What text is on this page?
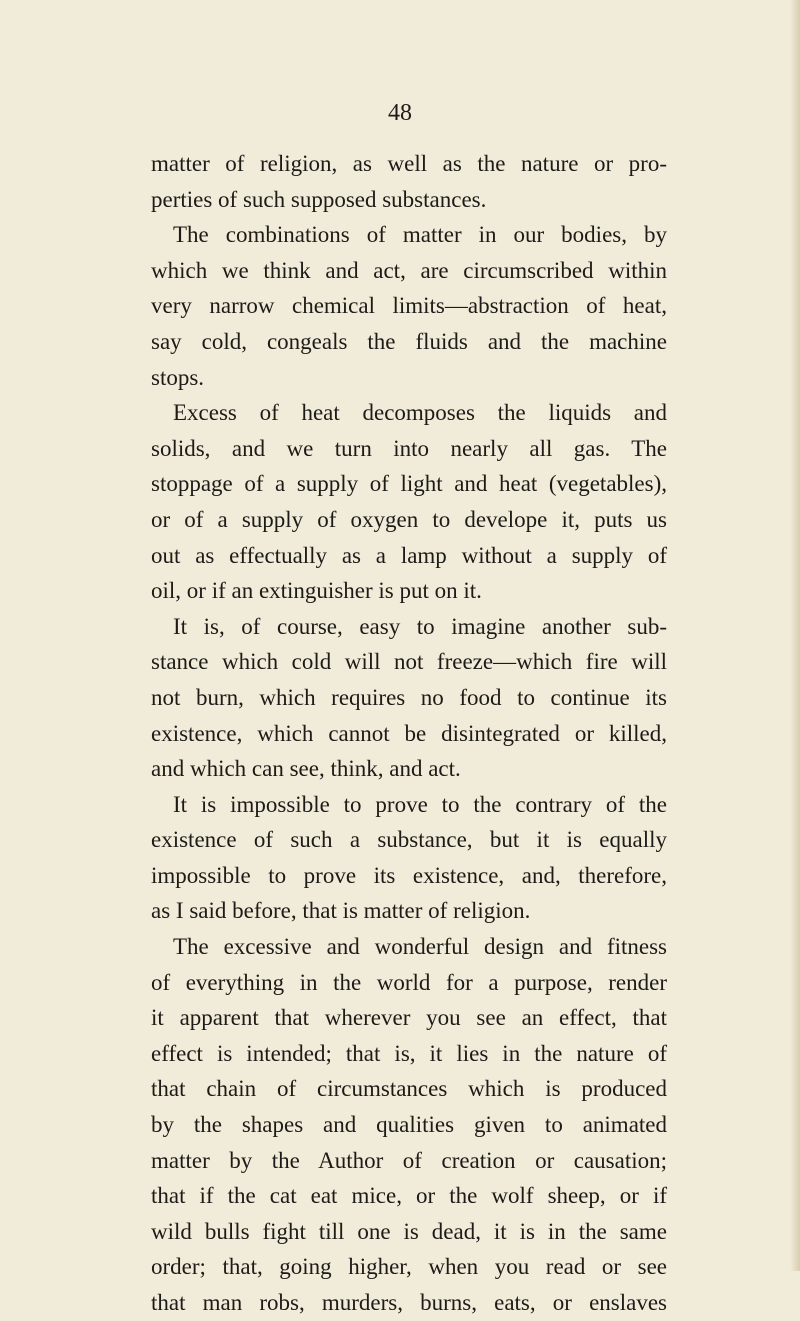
48
matter of religion, as well as the nature or pro-
perties of such supposed substances.
The combinations of matter in our bodies, by
which we think and act, are circumscribed within
very narrow chemical limits—abstraction of heat,
say cold, congeals the fluids and the machine
stops.
Excess of heat decomposes the liquids and
solids, and we turn into nearly all gas. The
stoppage of a supply of light and heat (vegetables),
or of a supply of oxygen to develope it, puts us
out as effectually as a lamp without a supply of
oil, or if an extinguisher is put on it.
It is, of course, easy to imagine another sub-
stance which cold will not freeze—which fire will
not burn, which requires no food to continue its
existence, which cannot be disintegrated or killed,
and which can see, think, and act.
It is impossible to prove to the contrary of the
existence of such a substance, but it is equally
impossible to prove its existence, and, therefore,
as I said before, that is matter of religion.
The excessive and wonderful design and fitness
of everything in the world for a purpose, render
it apparent that wherever you see an effect, that
effect is intended; that is, it lies in the nature of
that chain of circumstances which is produced
by the shapes and qualities given to animated
matter by the Author of creation or causation;
that if the cat eat mice, or the wolf sheep, or if
wild bulls fight till one is dead, it is in the same
order; that, going higher, when you read or see
that man robs, murders, burns, eats, or enslaves
